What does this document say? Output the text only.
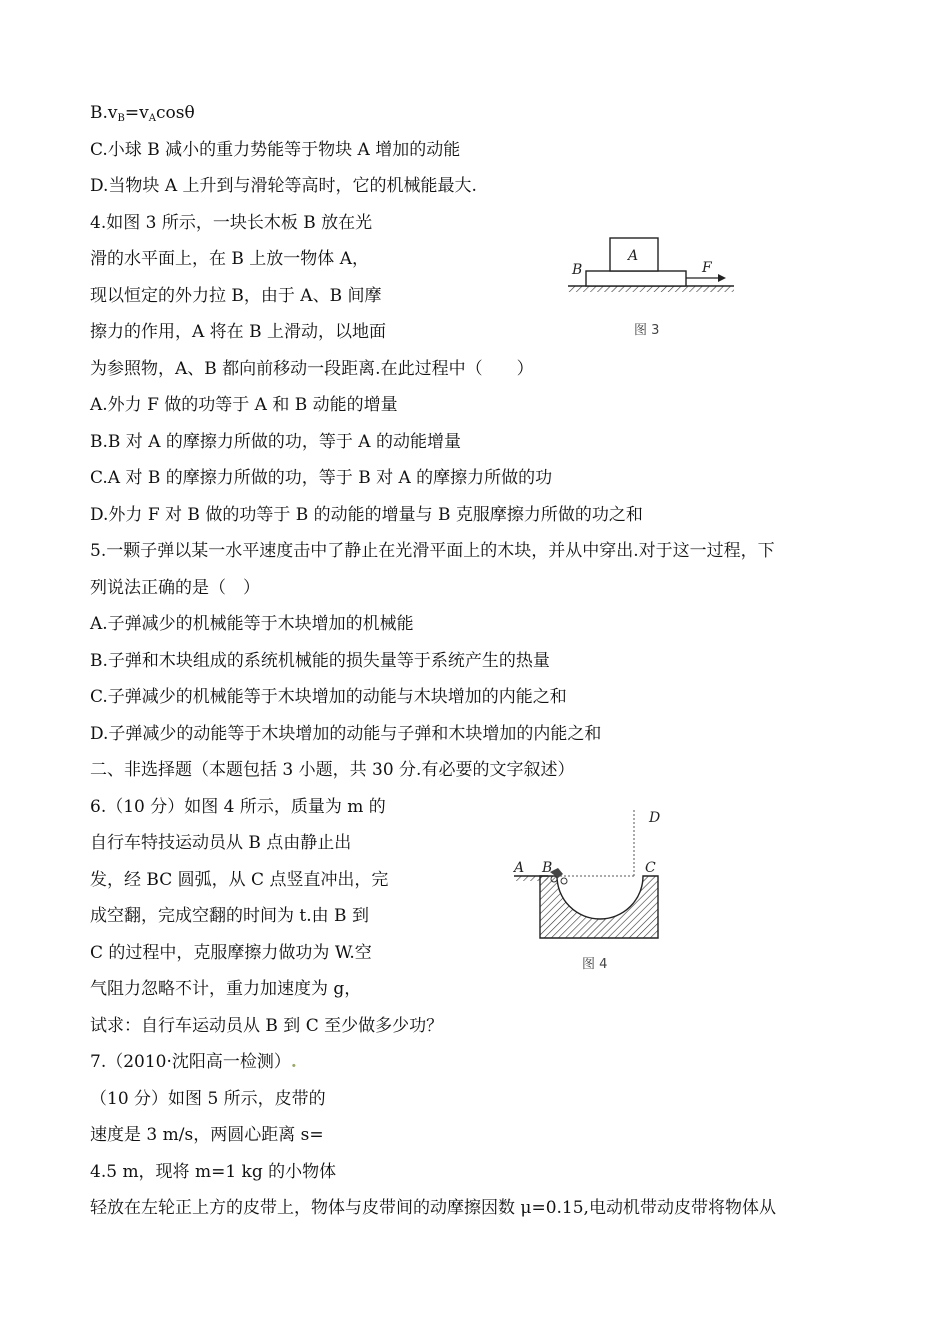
$B.v_B=v_A\cos\theta$
C.小球 B 减小的重力势能等于物块 A 增加的动能
D.当物块 A 上升到与滑轮等高时，它的机械能最大.
4.如图 3 所示，一块长木板 B 放在光
滑的水平面上，在 B 上放一物体 A，
现以恒定的外力拉 B，由于 A、B 间摩
擦力的作用，A 将在 B 上滑动，以地面
为参照物，A、B 都向前移动一段距离.在此过程中（　　）
A.外力 F 做的功等于 A 和 B 动能的增量
B.B 对 A 的摩擦力所做的功，等于 A 的动能增量
C.A 对 B 的摩擦力所做的功，等于 B 对 A 的摩擦力所做的功
D.外力 F 对 B 做的功等于 B 的动能的增量与 B 克服摩擦力所做的功之和
5.一颗子弹以某一水平速度击中了静止在光滑平面上的木块，并从中穿出.对于这一过程，下
列说法正确的是（　）
A.子弹减少的机械能等于木块增加的机械能
B.子弹和木块组成的系统机械能的损失量等于系统产生的热量
C.子弹减少的机械能等于木块增加的动能与木块增加的内能之和
D.子弹减少的动能等于木块增加的动能与子弹和木块增加的内能之和
二、非选择题（本题包括 3 小题，共 30 分.有必要的文字叙述）
6.（10 分）如图 4 所示，质量为 m 的
自行车特技运动员从 B 点由静止出
发，经 BC 圆弧，从 C 点竖直冲出，完
成空翻，完成空翻的时间为 t.由 B 到
C 的过程中，克服摩擦力做功为 W.空
气阻力忽略不计，重力加速度为 g，
试求：自行车运动员从 B 到 C 至少做多少功？
7.（2010·沈阳高一检测）.
（10 分）如图 5 所示，皮带的
速度是 3 m/s，两圆心距离 s=
4.5 m，现将 m=1 kg 的小物体
轻放在左轮正上方的皮带上，物体与皮带间的动摩擦因数 μ=0.15,电动机带动皮带将物体从
A
B	F
图 3
D
A B	C
图 4
